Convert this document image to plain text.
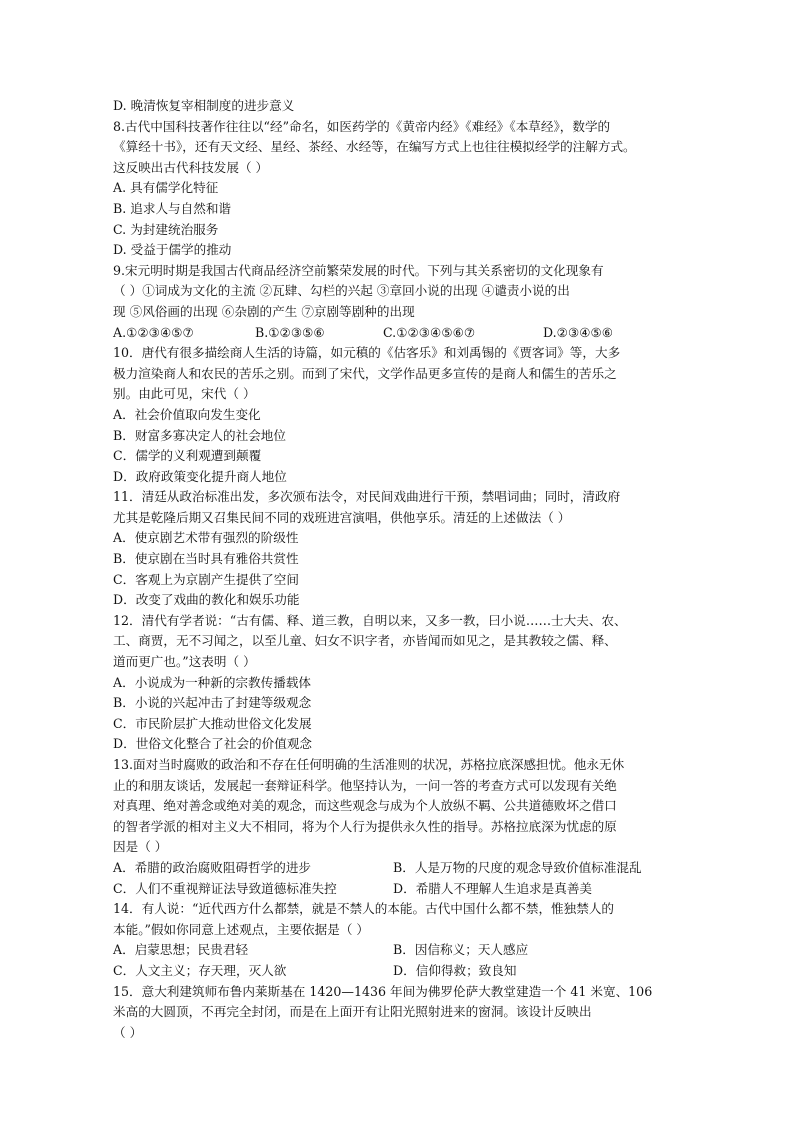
D. 晚清恢复宰相制度的进步意义
8.古代中国科技著作往往以“经”命名，如医药学的《黄帝内经》《难经》《本草经》，数学的
《算经十书》，还有天文经、星经、茶经、水经等，在编写方式上也往往模拟经学的注解方式。
这反映出古代科技发展（ ）
A. 具有儒学化特征
B. 追求人与自然和谐
C. 为封建统治服务
D. 受益于儒学的推动
9.宋元明时期是我国古代商品经济空前繁荣发展的时代。下列与其关系密切的文化现象有
（ ）①词成为文化的主流 ②瓦肆、勾栏的兴起 ③章回小说的出现 ④谴责小说的出
现 ⑤风俗画的出现 ⑥杂剧的产生 ⑦京剧等剧种的出现
A.①②③④⑤⑦	B.①②③⑤⑥	C.①②③④⑤⑥⑦	D.②③④⑤⑥
10．唐代有很多描绘商人生活的诗篇，如元稹的《估客乐》和刘禹锡的《贾客词》等，大多
极力渲染商人和农民的苦乐之别。而到了宋代，文学作品更多宣传的是商人和儒生的苦乐之
别。由此可见，宋代（ ）
A．社会价值取向发生变化
B．财富多寡决定人的社会地位
C．儒学的义利观遭到颠覆
D．政府政策变化提升商人地位
11．清廷从政治标准出发，多次颁布法令，对民间戏曲进行干预，禁唱词曲；同时，清政府
尤其是乾隆后期又召集民间不同的戏班进宫演唱，供他享乐。清廷的上述做法（ ）
A．使京剧艺术带有强烈的阶级性
B．使京剧在当时具有雅俗共赏性
C．客观上为京剧产生提供了空间
D．改变了戏曲的教化和娱乐功能
12．清代有学者说：“古有儒、释、道三教，自明以来，又多一教，曰小说……士大夫、农、
工、商贾，无不习闻之，以至儿童、妇女不识字者，亦皆闻而如见之，是其教较之儒、释、
道而更广也。”这表明（ ）
A．小说成为一种新的宗教传播载体
B．小说的兴起冲击了封建等级观念
C．市民阶层扩大推动世俗文化发展
D．世俗文化整合了社会的价值观念
13.面对当时腐败的政治和不存在任何明确的生活准则的状况，苏格拉底深感担忧。他永无休
止的和朋友谈话，发展起一套辩证科学。他坚持认为，一问一答的考查方式可以发现有关绝
对真理、绝对善念或绝对美的观念，而这些观念与成为个人放纵不羁、公共道德败坏之借口
的智者学派的相对主义大不相同，将为个人行为提供永久性的指导。苏格拉底深为忧虑的原
因是（ ）
A．希腊的政治腐败阻碍哲学的进步	B．人是万物的尺度的观念导致价值标准混乱
C．人们不重视辩证法导致道德标准失控	D．希腊人不理解人生追求是真善美
14．有人说：“近代西方什么都禁，就是不禁人的本能。古代中国什么都不禁，惟独禁人的
本能。”假如你同意上述观点，主要依据是（ ）
A．启蒙思想；民贵君轻	B．因信称义；天人感应
C．人文主义；存天理，灭人欲	D．信仰得救；致良知
15．意大利建筑师布鲁内莱斯基在 1420—1436 年间为佛罗伦萨大教堂建造一个 41 米宽、106
米高的大圆顶，不再完全封闭，而是在上面开有让阳光照射进来的窗洞。该设计反映出
（ ）
